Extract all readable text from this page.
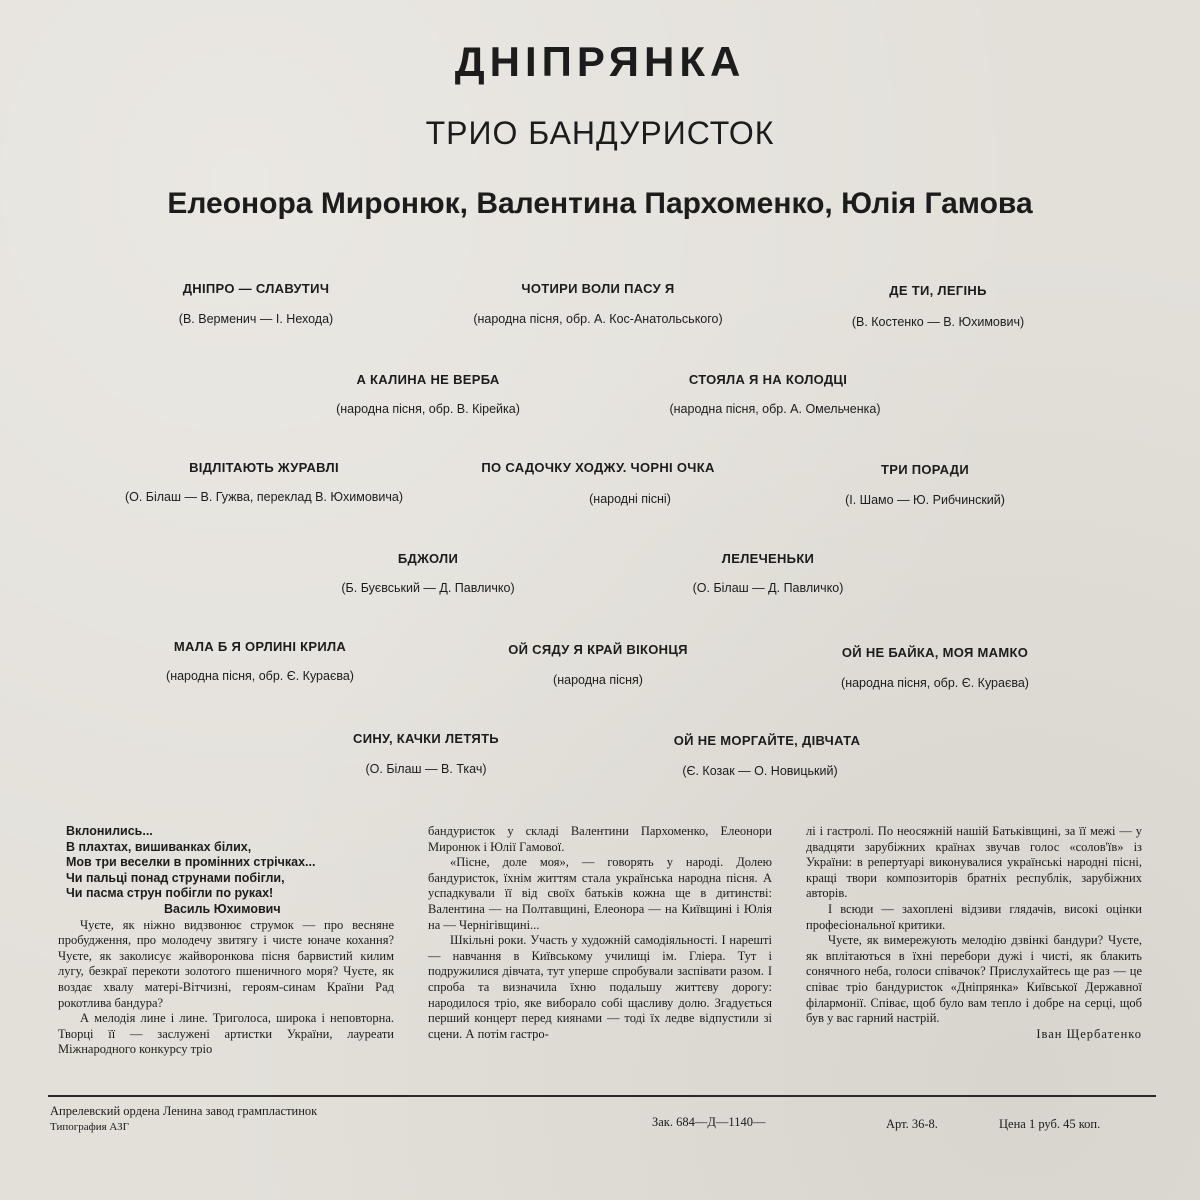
ДНІПРЯНКА
ТРИО БАНДУРИСТОК
Елеонора Миронюк, Валентина Пархоменко, Юлія Гамова
ДНІПРО — СЛАВУТИЧ
(В. Верменич — І. Нехода)
ЧОТИРИ ВОЛИ ПАСУ Я
(народна пісня, обр. А. Кос-Анатольського)
ДЕ ТИ, ЛЕГІНЬ
(В. Костенко — В. Юхимович)
А КАЛИНА НЕ ВЕРБА
(народна пісня, обр. В. Кірейка)
СТОЯЛА Я НА КОЛОДЦІ
(народна пісня, обр. А. Омельченка)
ВІДЛІТАЮТЬ ЖУРАВЛІ
(О. Білаш — В. Гужва, переклад В. Юхимовича)
ПО САДОЧКУ ХОДЖУ. ЧОРНІ ОЧКА
(народні пісні)
ТРИ ПОРАДИ
(І. Шамо — Ю. Рибчинский)
БДЖОЛИ
(Б. Буєвський — Д. Павличко)
ЛЕЛЕЧЕНЬКИ
(О. Білаш — Д. Павличко)
МАЛА Б Я ОРЛИНІ КРИЛА
(народна пісня, обр. Є. Кураєва)
ОЙ СЯДУ Я КРАЙ ВІКОНЦЯ
(народна пісня)
ОЙ НЕ БАЙКА, МОЯ МАМКО
(народна пісня, обр. Є. Кураєва)
СИНУ, КАЧКИ ЛЕТЯТЬ
(О. Білаш — В. Ткач)
ОЙ НЕ МОРГАЙТЕ, ДІВЧАТА
(Є. Козак — О. Новицький)
Вклонились...
В плахтах, вишиванках білих,
Мов три веселки в промінних стрічках...
Чи пальці понад струнами побігли,
Чи пасма струн побігли по руках!
Василь Юхимович

Чуєте, як ніжно видзвонює струмок — про весняне пробудження, про молодечу звитягу і чисте юначе кохання? Чуєте, як заколисує жайворонкова пісня барвистий килим лугу, безкраї перекоти золотого пшеничного моря? Чуєте, як воздає хвалу матері-Вітчизні, героям-синам Країни Рад рокотлива бандура?

А мелодія лине і лине. Триголоса, широка і неповторна. Творці її — заслужені артистки України, лауреати Міжнародного конкурсу тріо

бандуристок у складі Валентини Пархоменко, Елеонори Миронюк і Юлії Гамової.

«Пісне, доле моя», — говорять у народі. Долею бандуристок, їхнім життям стала українська народна пісня. А успадкували її від своїх батьків кожна ще в дитинстві: Валентина — на Полтавщині, Елеонора — на Київщині і Юлія на — Чернігівщині...

Шкільні роки. Участь у художній самодіяльності. І нарешті — навчання в Київському училищі ім. Гліера. Тут і подружилися дівчата, тут уперше спробували заспівати разом. І спроба та визначила їхню подальшу життєву дорогу: народилося тріо, яке виборало собі щасливу долю. Згадується перший концерт перед киянами — тоді їх ледве відпустили зі сцени. А потім гастро-

лі і гастролі. По неосяжній нашій Батьківщині, за її межі — у двадцяти зарубіжних країнах звучав голос «солов'їв» із України: в репертуарі виконувалися українські народні пісні, кращі твори композиторів братніх республік, зарубіжних авторів.

І всюди — захоплені відзиви глядачів, високі оцінки професіональної критики.

Чуєте, як вимережують мелодію дзвінкі бандури? Чуєте, як вплітаються в їхні перебори дужі і чисті, як блакить сонячного неба, голоси співачок? Прислухайтесь ще раз — це співає тріо бандуристок «Дніпрянка» Київської Державної філармонії. Співає, щоб було вам тепло і добре на серці, щоб був у вас гарний настрій.

Іван Щербатенко
Апрелевский ордена Ленина завод грампластинок
Типография АЗГ	Зак. 684—Д—1140—	Арт. 36-8.	Цена 1 руб. 45 коп.
